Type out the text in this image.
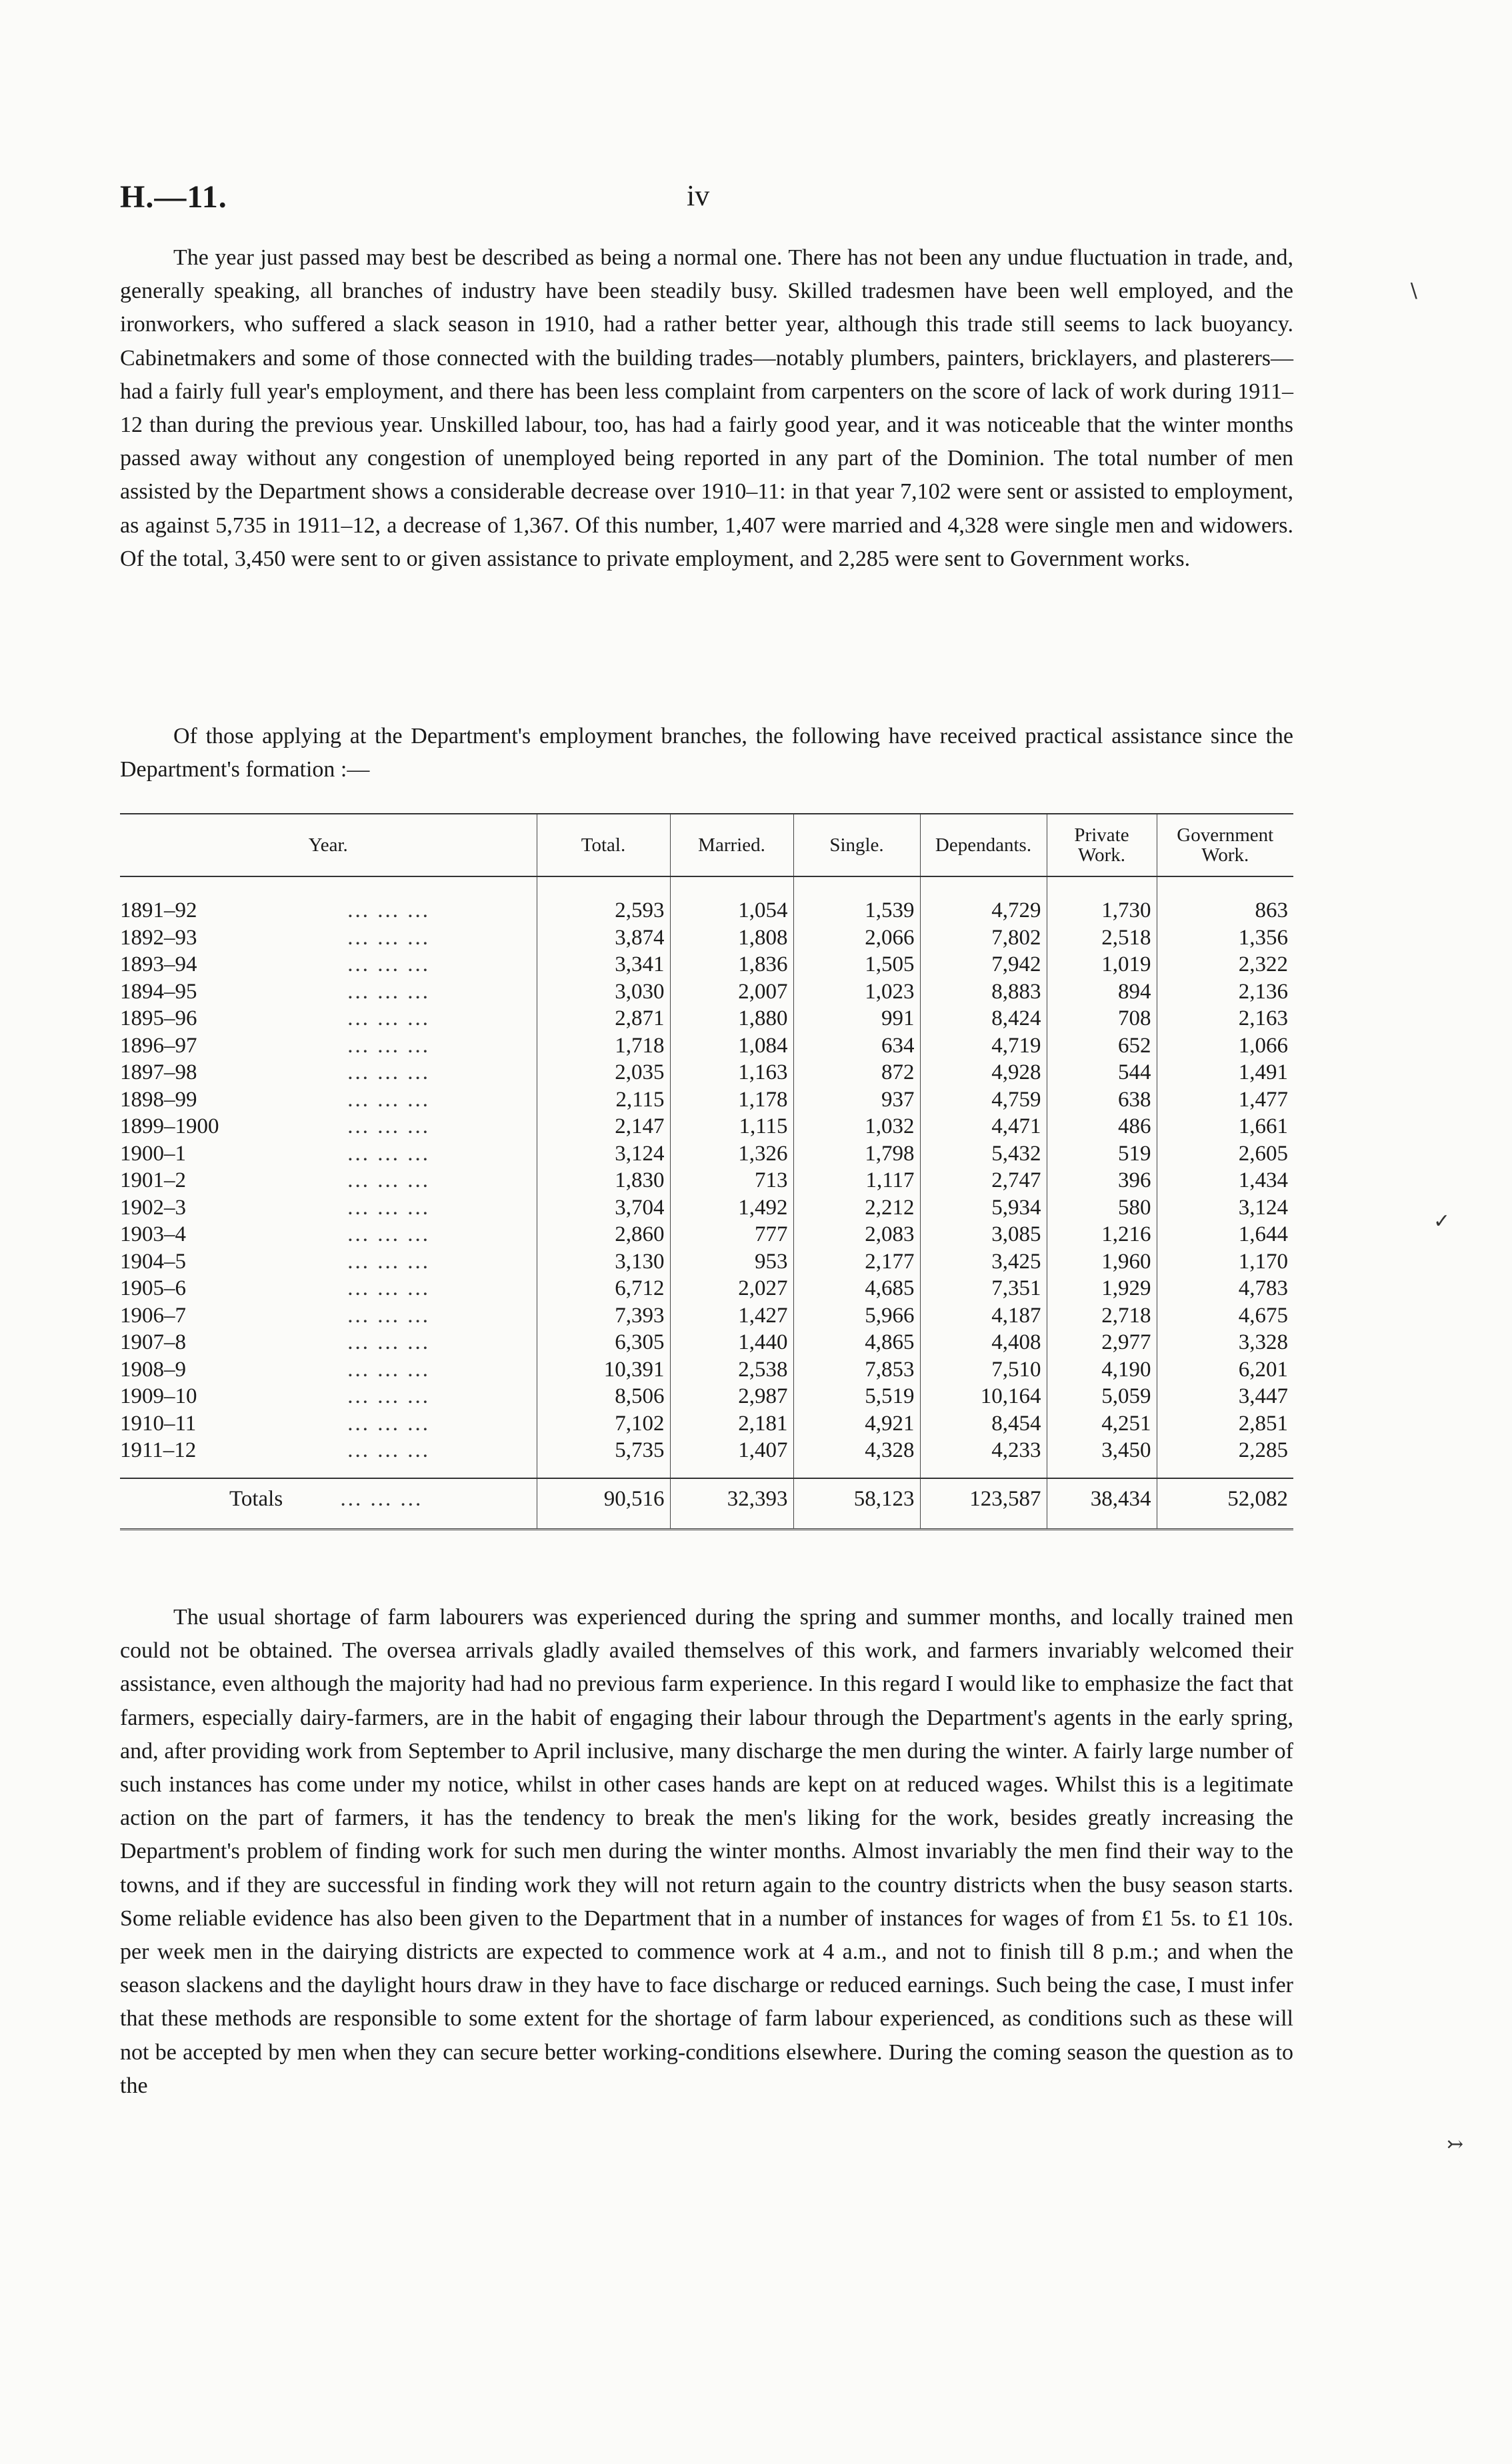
H.—11.	iv

The year just passed may best be described as being a normal one. There has not been any undue fluctuation in trade, and, generally speaking, all branches of industry have been steadily busy. Skilled tradesmen have been well employed, and the ironworkers, who suffered a slack season in 1910, had a rather better year, although this trade still seems to lack buoyancy. Cabinetmakers and some of those connected with the building trades—notably plumbers, painters, bricklayers, and plasterers—had a fairly full year's employment, and there has been less complaint from carpenters on the score of lack of work during 1911–12 than during the previous year. Unskilled labour, too, has had a fairly good year, and it was noticeable that the winter months passed away without any congestion of unemployed being reported in any part of the Dominion. The total number of men assisted by the Department shows a considerable decrease over 1910–11: in that year 7,102 were sent or assisted to employment, as against 5,735 in 1911–12, a decrease of 1,367. Of this number, 1,407 were married and 4,328 were single men and widowers. Of the total, 3,450 were sent to or given assistance to private employment, and 2,285 were sent to Government works.

Of those applying at the Department's employment branches, the following have received practical assistance since the Department's formation :—

Year.	Total.	Married.	Single.	Dependants.	Private Work.	Government Work.
1891–92 ... ... ...	2,593	1,054	1,539	4,729	1,730	863
1892–93 ... ... ...	3,874	1,808	2,066	7,802	2,518	1,356
1893–94 ... ... ...	3,341	1,836	1,505	7,942	1,019	2,322
1894–95 ... ... ...	3,030	2,007	1,023	8,883	894	2,136
1895–96 ... ... ...	2,871	1,880	991	8,424	708	2,163
1896–97 ... ... ...	1,718	1,084	634	4,719	652	1,066
1897–98 ... ... ...	2,035	1,163	872	4,928	544	1,491
1898–99 ... ... ...	2,115	1,178	937	4,759	638	1,477
1899–1900 ... ... ...	2,147	1,115	1,032	4,471	486	1,661
1900–1 ... ... ...	3,124	1,326	1,798	5,432	519	2,605
1901–2 ... ... ...	1,830	713	1,117	2,747	396	1,434
1902–3 ... ... ...	3,704	1,492	2,212	5,934	580	3,124
1903–4 ... ... ...	2,860	777	2,083	3,085	1,216	1,644
1904–5 ... ... ...	3,130	953	2,177	3,425	1,960	1,170
1905–6 ... ... ...	6,712	2,027	4,685	7,351	1,929	4,783
1906–7 ... ... ...	7,393	1,427	5,966	4,187	2,718	4,675
1907–8 ... ... ...	6,305	1,440	4,865	4,408	2,977	3,328
1908–9 ... ... ...	10,391	2,538	7,853	7,510	4,190	6,201
1909–10 ... ... ...	8,506	2,987	5,519	10,164	5,059	3,447
1910–11 ... ... ...	7,102	2,181	4,921	8,454	4,251	2,851
1911–12 ... ... ...	5,735	1,407	4,328	4,233	3,450	2,285
Totals ... ... ...	90,516	32,393	58,123	123,587	38,434	52,082

The usual shortage of farm labourers was experienced during the spring and summer months, and locally trained men could not be obtained. The oversea arrivals gladly availed themselves of this work, and farmers invariably welcomed their assistance, even although the majority had had no previous farm experience. In this regard I would like to emphasize the fact that farmers, especially dairy-farmers, are in the habit of engaging their labour through the Department's agents in the early spring, and, after providing work from September to April inclusive, many discharge the men during the winter. A fairly large number of such instances has come under my notice, whilst in other cases hands are kept on at reduced wages. Whilst this is a legitimate action on the part of farmers, it has the tendency to break the men's liking for the work, besides greatly increasing the Department's problem of finding work for such men during the winter months. Almost invariably the men find their way to the towns, and if they are successful in finding work they will not return again to the country districts when the busy season starts. Some reliable evidence has also been given to the Department that in a number of instances for wages of from £1 5s. to £1 10s. per week men in the dairying districts are expected to commence work at 4 a.m., and not to finish till 8 p.m.; and when the season slackens and the daylight hours draw in they have to face discharge or reduced earnings. Such being the case, I must infer that these methods are responsible to some extent for the shortage of farm labour experienced, as conditions such as these will not be accepted by men when they can secure better working-conditions elsewhere. During the coming season the question as to the

∖
✓
↣
